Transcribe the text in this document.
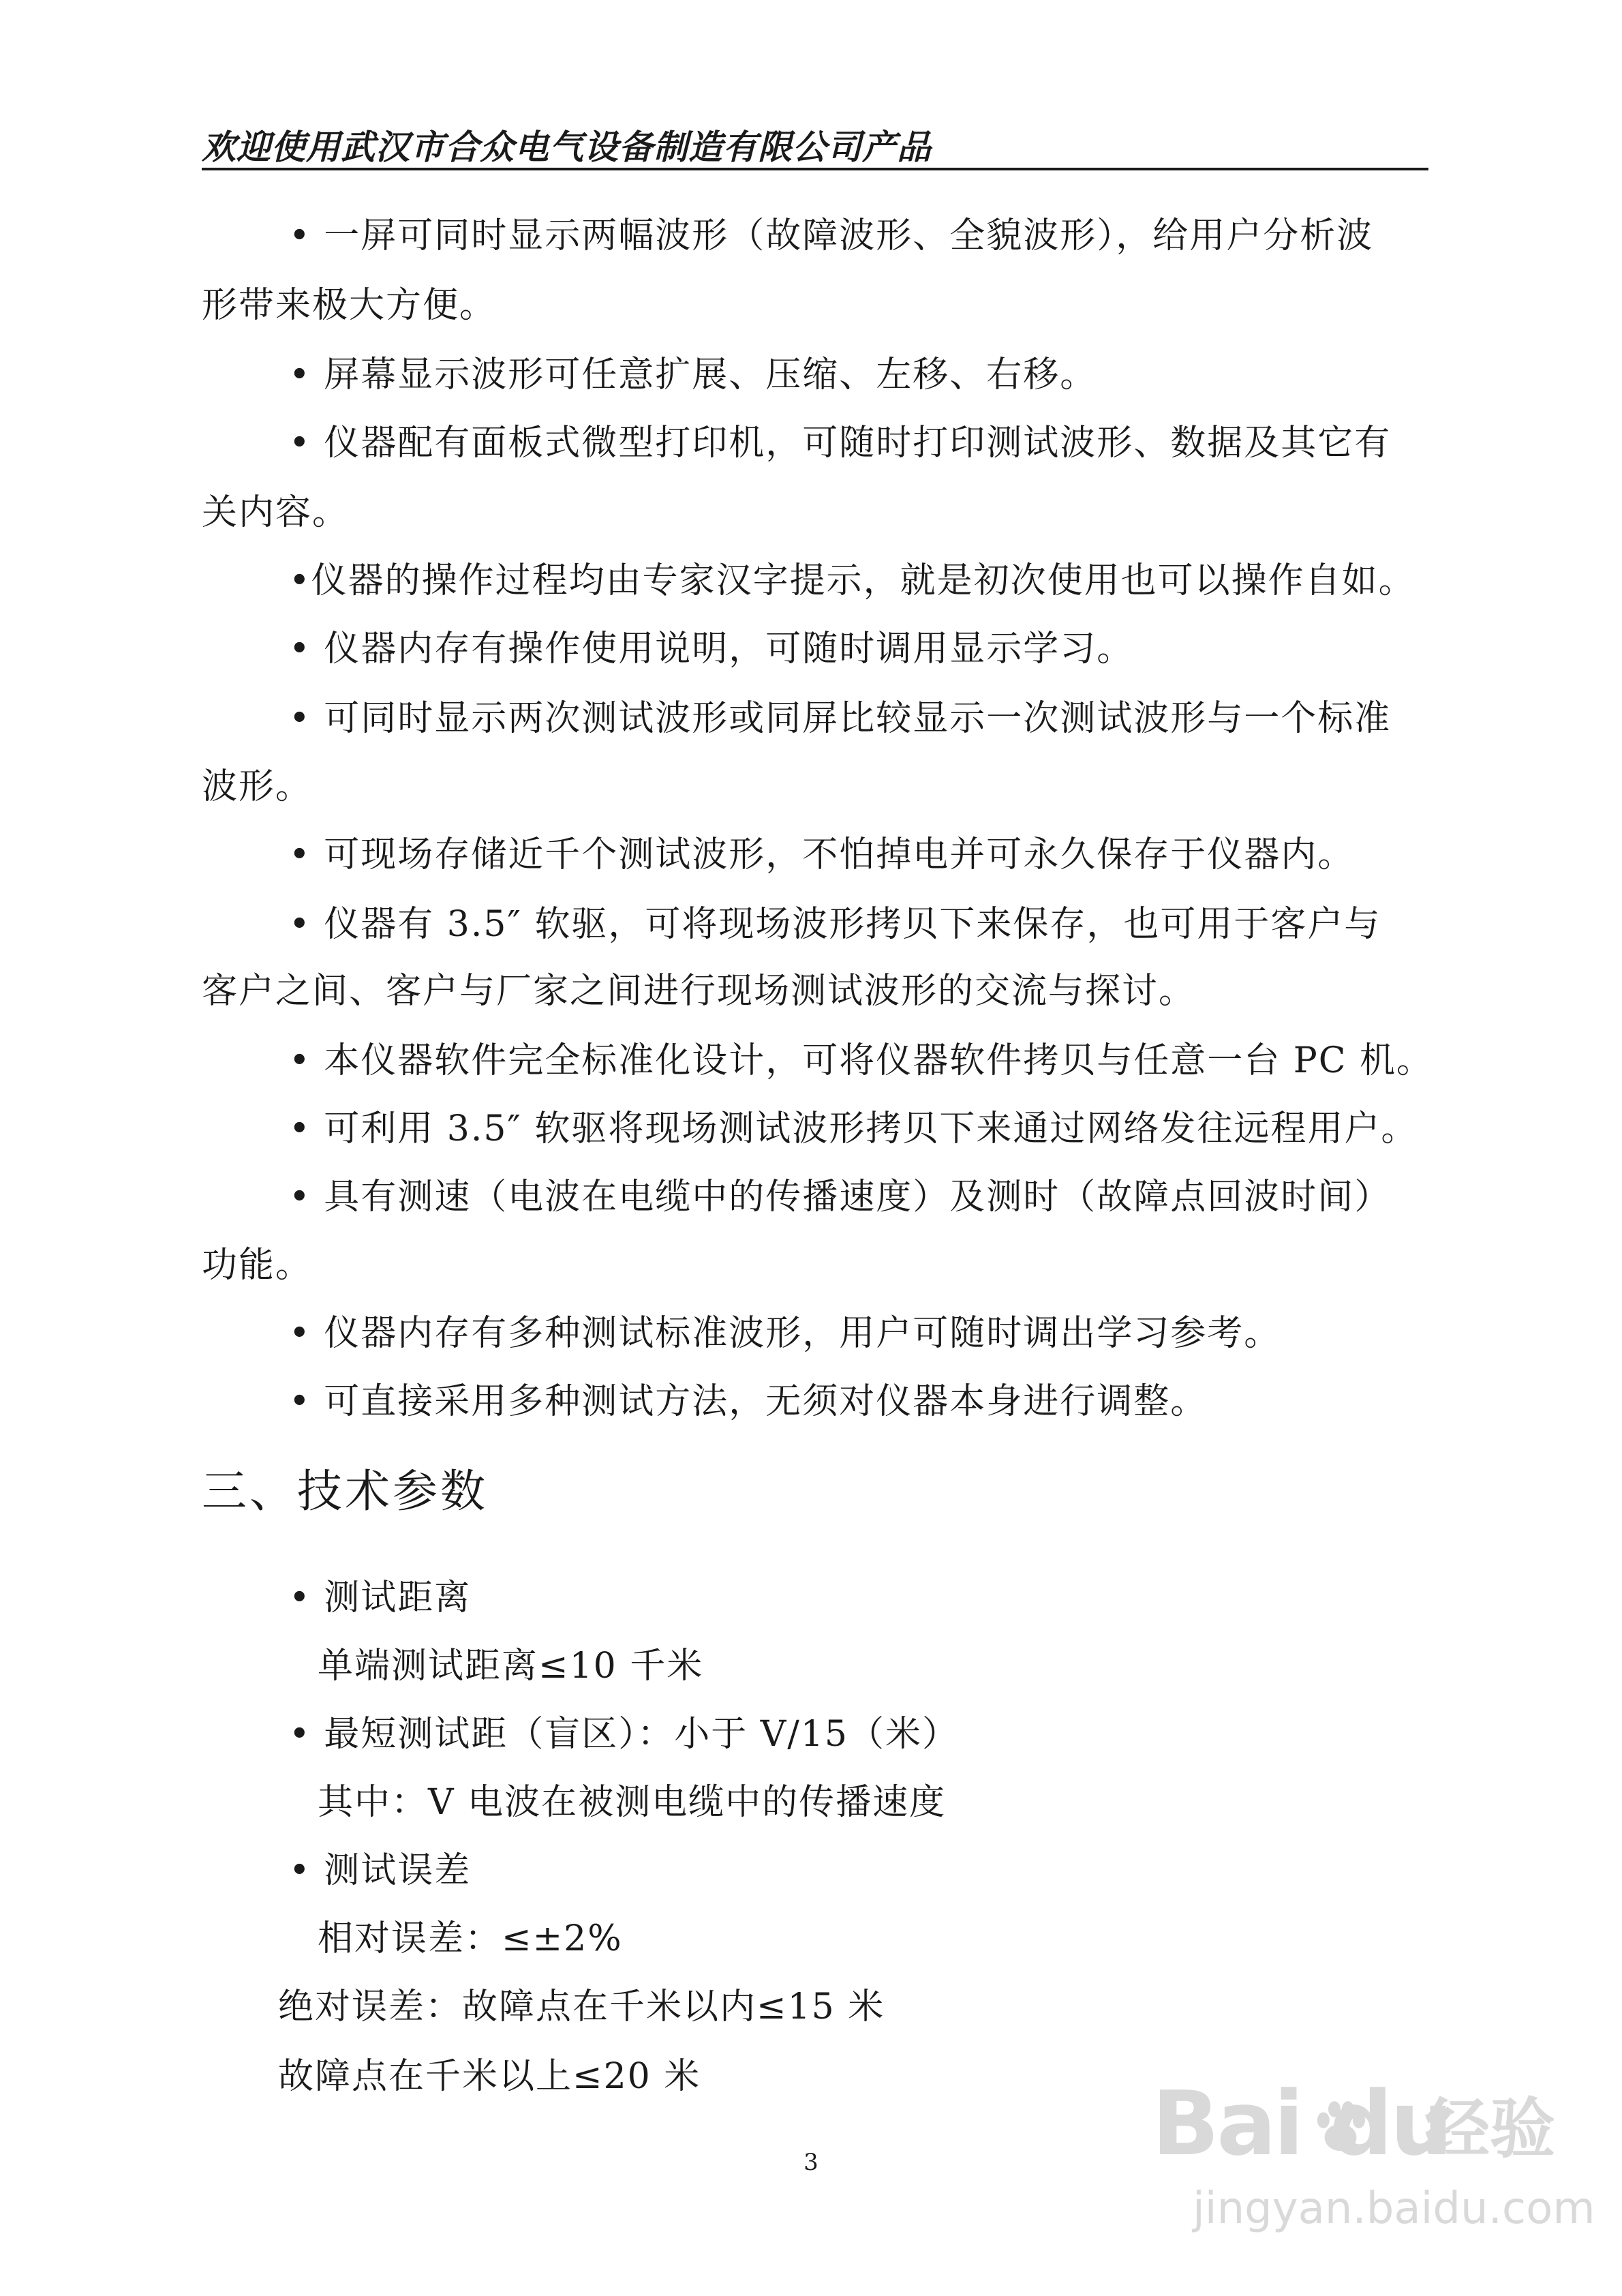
欢迎使用武汉市合众电气设备制造有限公司产品
• 一屏可同时显示两幅波形（故障波形、全貌波形），给用户分析波
形带来极大方便。
• 屏幕显示波形可任意扩展、压缩、左移、右移。
• 仪器配有面板式微型打印机，可随时打印测试波形、数据及其它有
关内容。
•仪器的操作过程均由专家汉字提示，就是初次使用也可以操作自如。
• 仪器内存有操作使用说明，可随时调用显示学习。
• 可同时显示两次测试波形或同屏比较显示一次测试波形与一个标准
波形。
• 可现场存储近千个测试波形，不怕掉电并可永久保存于仪器内。
• 仪器有 3.5″ 软驱，可将现场波形拷贝下来保存，也可用于客户与
客户之间、客户与厂家之间进行现场测试波形的交流与探讨。
• 本仪器软件完全标准化设计，可将仪器软件拷贝与任意一台 PC 机。
• 可利用 3.5″ 软驱将现场测试波形拷贝下来通过网络发往远程用户。
• 具有测速（电波在电缆中的传播速度）及测时（故障点回波时间）
功能。
• 仪器内存有多种测试标准波形，用户可随时调出学习参考。
• 可直接采用多种测试方法，无须对仪器本身进行调整。
三、技术参数
• 测试距离
单端测试距离≤10 千米
• 最短测试距（盲区）：小于 V/15（米）
其中：V 电波在被测电缆中的传播速度
• 测试误差
相对误差：≤±2%
绝对误差：故障点在千米以内≤15 米
故障点在千米以上≤20 米
3	Bai du
经验
jingyan.baidu.com
